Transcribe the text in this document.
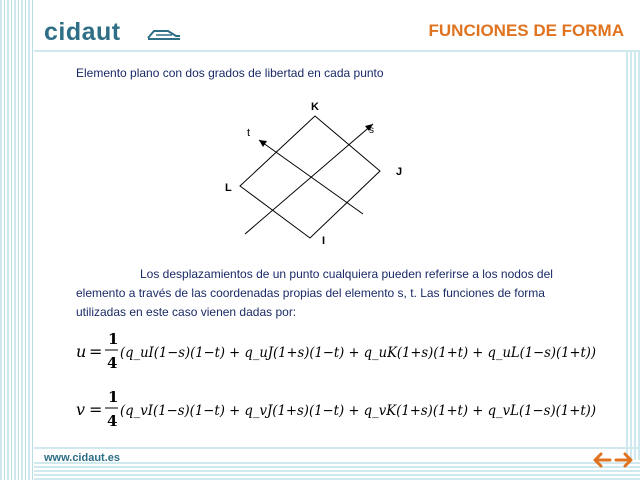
cidaut	FUNCIONES DE FORMA
Elemento plano con dos grados de libertad en cada punto
K
J
I
L
s
t
Los desplazamientos de un punto cualquiera pueden referirse a los nodos del elemento a través de las coordenadas propias del elemento s, t. Las funciones de forma utilizadas en este caso vienen dadas por:
u =
1
4
(q_uI(1−s)(1−t) + q_uJ(1+s)(1−t) + q_uK(1+s)(1+t) + q_uL(1−s)(1+t))
v =
1
4
(q_vI(1−s)(1−t) + q_vJ(1+s)(1−t) + q_vK(1+s)(1+t) + q_vL(1−s)(1+t))
www.cidaut.es
